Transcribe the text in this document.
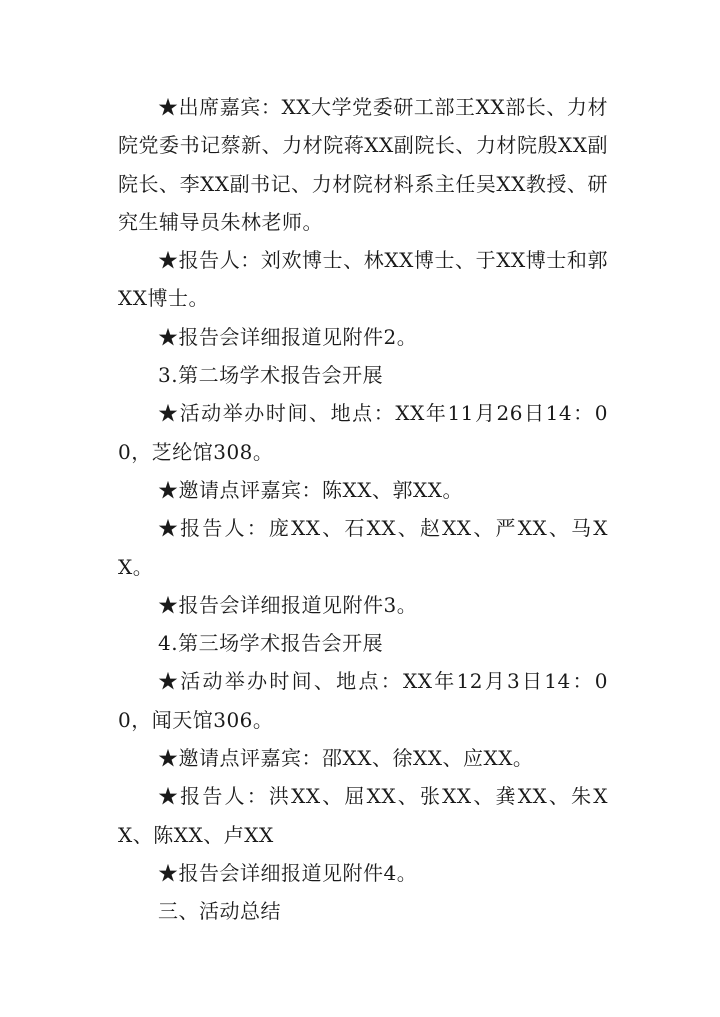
★出席嘉宾：XX大学党委研工部王XX部长、力材院党委书记蔡新、力材院蒋XX副院长、力材院殷XX副院长、李XX副书记、力材院材料系主任吴XX教授、研究生辅导员朱林老师。

★报告人：刘欢博士、林XX博士、于XX博士和郭XX博士。

★报告会详细报道见附件2。

3.第二场学术报告会开展

★活动举办时间、地点：XX年11月26日14：00，芝纶馆308。

★邀请点评嘉宾：陈XX、郭XX。

★报告人：庞XX、石XX、赵XX、严XX、马XX。

★报告会详细报道见附件3。

4.第三场学术报告会开展

★活动举办时间、地点：XX年12月3日14：00，闻天馆306。

★邀请点评嘉宾：邵XX、徐XX、应XX。

★报告人：洪XX、屈XX、张XX、龚XX、朱XX、陈XX、卢XX

★报告会详细报道见附件4。

三、活动总结
